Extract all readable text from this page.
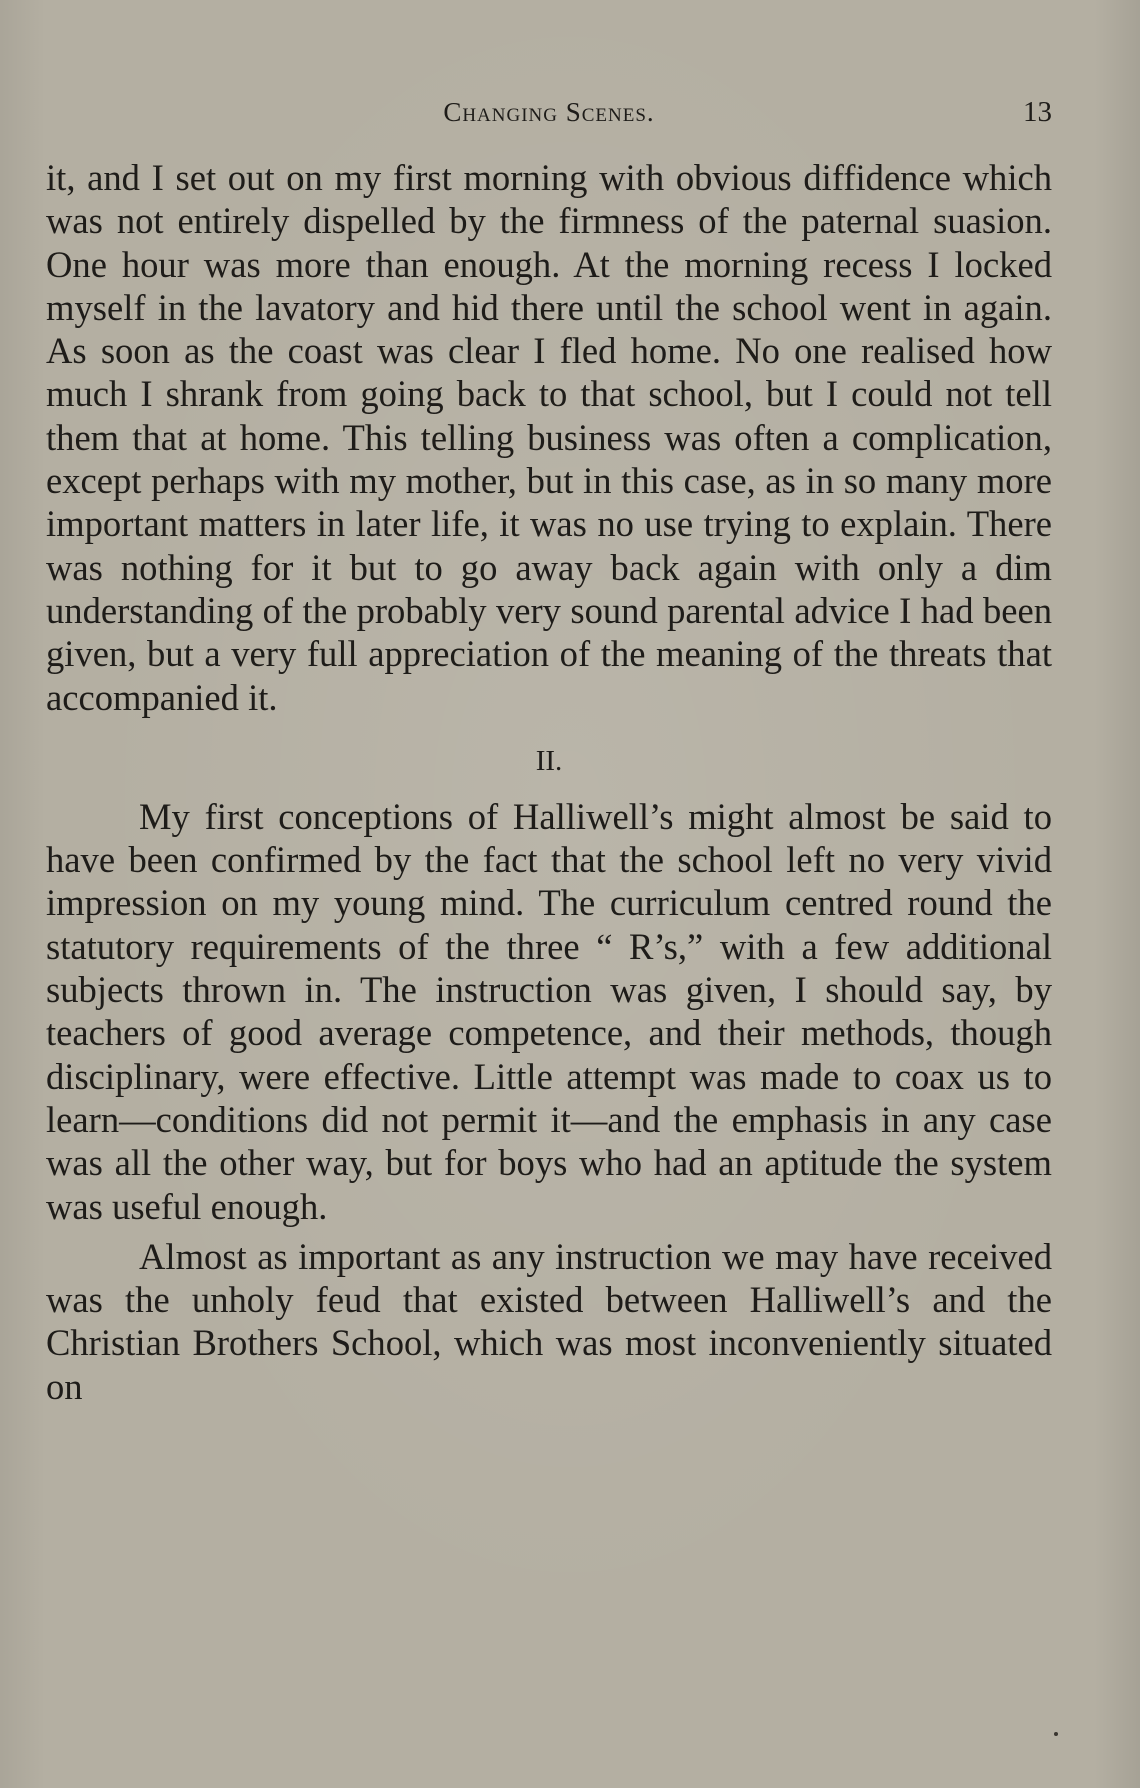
Changing Scenes.	13

it, and I set out on my first morning with obvious diffidence which was not entirely dispelled by the firmness of the paternal suasion. One hour was more than enough. At the morning recess I locked myself in the lavatory and hid there until the school went in again. As soon as the coast was clear I fled home. No one realised how much I shrank from going back to that school, but I could not tell them that at home. This telling business was often a complication, except perhaps with my mother, but in this case, as in so many more important matters in later life, it was no use trying to explain. There was nothing for it but to go away back again with only a dim understanding of the probably very sound parental advice I had been given, but a very full appreciation of the meaning of the threats that accompanied it.

II.

My first conceptions of Halliwell’s might almost be said to have been confirmed by the fact that the school left no very vivid impression on my young mind. The curriculum centred round the statutory requirements of the three “ R’s,” with a few additional subjects thrown in. The instruction was given, I should say, by teachers of good average competence, and their methods, though disciplinary, were effective. Little attempt was made to coax us to learn—conditions did not permit it—and the emphasis in any case was all the other way, but for boys who had an aptitude the system was useful enough.

Almost as important as any instruction we may have received was the unholy feud that existed between Halliwell’s and the Christian Brothers School, which was most inconveniently situated on
